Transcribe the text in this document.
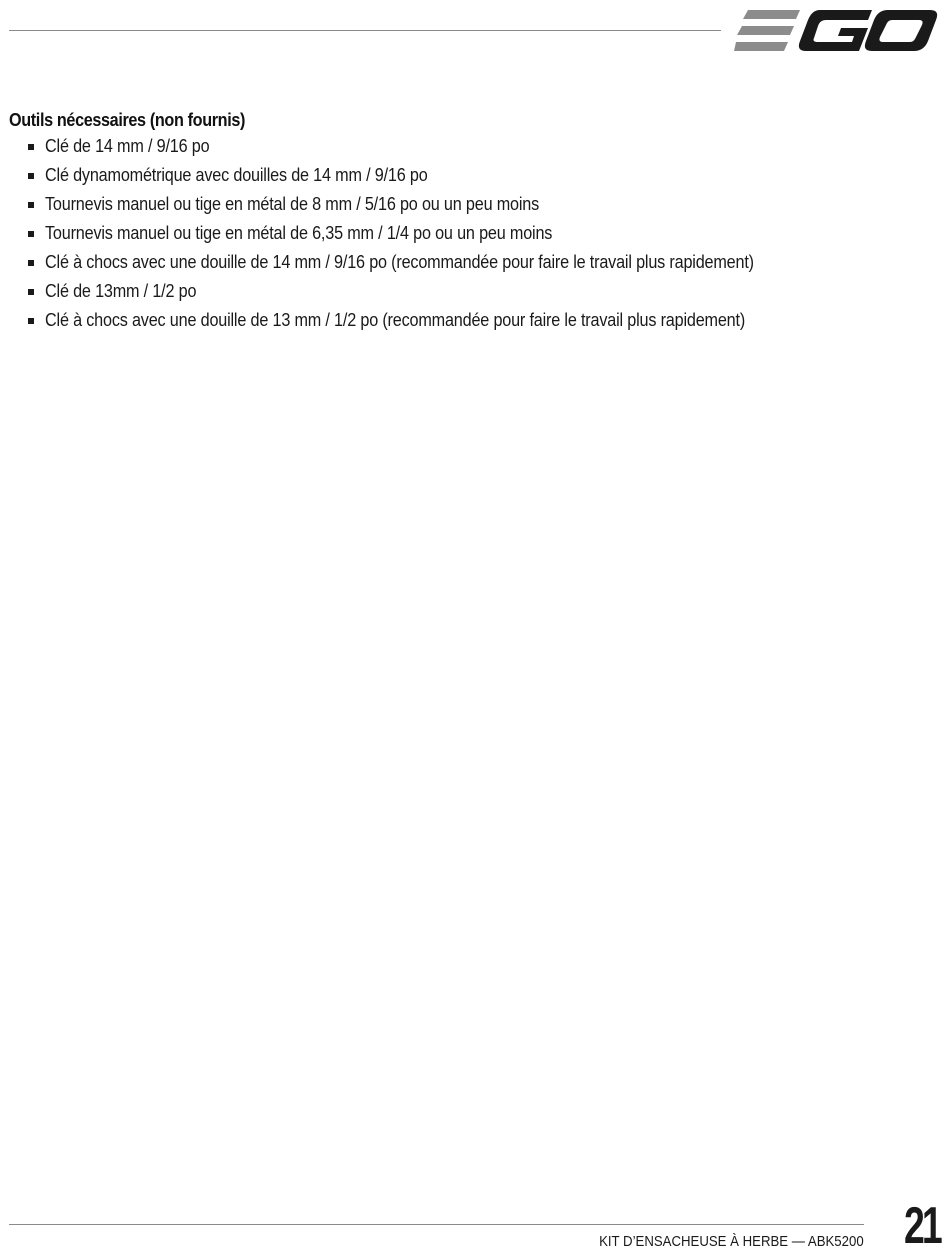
Outils nécessaires (non fournis)
Clé de 14 mm / 9/16 po
Clé dynamométrique avec douilles de 14 mm / 9/16 po
Tournevis manuel ou tige en métal de 8 mm / 5/16 po ou un peu moins
Tournevis manuel ou tige en métal de 6,35 mm / 1/4 po ou un peu moins
Clé à chocs avec une douille de 14 mm / 9/16 po (recommandée pour faire le travail plus rapidement)
Clé de 13mm / 1/2 po
Clé à chocs avec une douille de 13 mm / 1/2 po (recommandée pour faire le travail plus rapidement)
KIT D’ENSACHEUSE À HERBE — ABK5200 21
